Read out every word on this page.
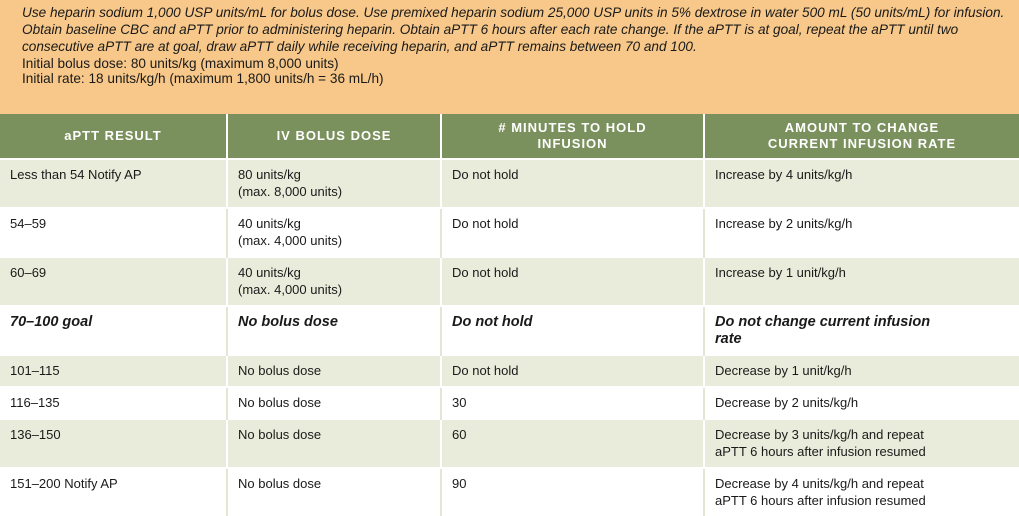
Use heparin sodium 1,000 USP units/mL for bolus dose. Use premixed heparin sodium 25,000 USP units in 5% dextrose in water 500 mL (50 units/mL) for infusion. Obtain baseline CBC and aPTT prior to administering heparin. Obtain aPTT 6 hours after each rate change. If the aPTT is at goal, repeat the aPTT until two consecutive aPTT are at goal, draw aPTT daily while receiving heparin, and aPTT remains between 70 and 100.

Initial bolus dose: 80 units/kg (maximum 8,000 units)

Initial rate: 18 units/kg/h (maximum 1,800 units/h = 36 mL/h)

aPTT RESULT	IV BOLUS DOSE	# MINUTES TO HOLD
INFUSION	AMOUNT TO CHANGE
CURRENT INFUSION RATE
Less than 54 Notify AP	80 units/kg
(max. 8,000 units)	Do not hold	Increase by 4 units/kg/h
54–59	40 units/kg
(max. 4,000 units)	Do not hold	Increase by 2 units/kg/h
60–69	40 units/kg
(max. 4,000 units)	Do not hold	Increase by 1 unit/kg/h
70–100 goal	No bolus dose	Do not hold	Do not change current infusion
rate
101–115	No bolus dose	Do not hold	Decrease by 1 unit/kg/h
116–135	No bolus dose	30	Decrease by 2 units/kg/h
136–150	No bolus dose	60	Decrease by 3 units/kg/h and repeat
aPTT 6 hours after infusion resumed
151–200 Notify AP	No bolus dose	90	Decrease by 4 units/kg/h and repeat
aPTT 6 hours after infusion resumed
